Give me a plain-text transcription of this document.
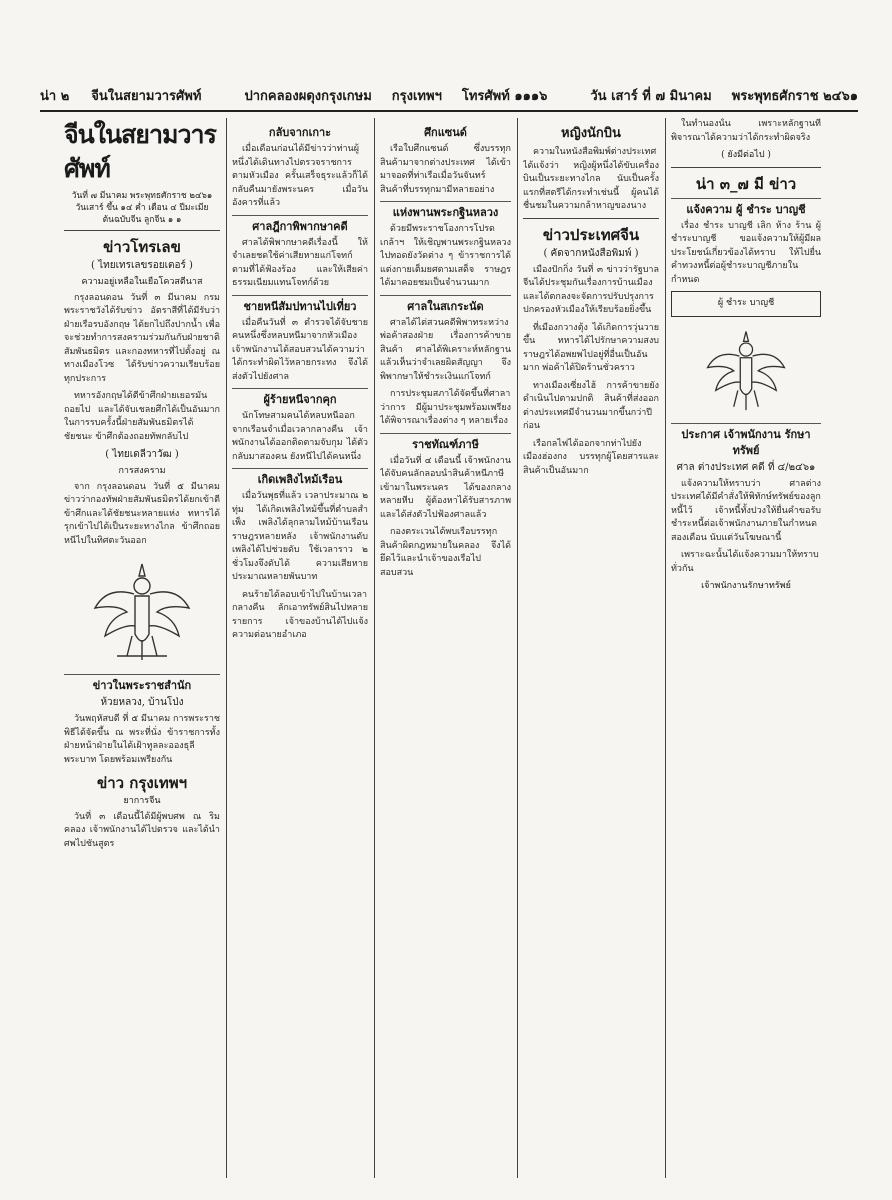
น่า ๒ จีนในสยามวารศัพท์	ปากคลองผดุงกรุงเกษม กรุงเทพฯ โทรศัพท์ ๑๑๑๖	วัน เสาร์ ที่ ๗ มินาคม พระพุทธศักราช ๒๔๖๑
จีนในสยามวารศัพท์
วันที่ ๗ มีนาคม พระพุทธศักราช ๒๔๖๑
วันเสาร์ ขึ้น ๑๔ ค่ำ เดือน ๔ ปีมะเมีย
ต้นฉบับจีน ลูกจีน ๑ ๑
ข่าวโทรเลข
( ไทยเทรเลขรอยเตอร์ )
ความอยู่เหลือในเยือโควสตีนาส

กรุงลอนดอน วันที่ ๓ มีนาคม กรมพระราชวังได้รับข่าว อัตราสีที่ได้มีรับว่า ฝ่ายเรือรบอังกฤษ ได้ยกไปถึงปากน้ำ เพื่อจะช่วยทำการสงครามร่วมกันกับฝ่ายชาติสัมพันธมิตร และกองทหารที่ไปตั้งอยู่ ณ ทางเมืองโวซ ได้รับข่าวความเรียบร้อยทุกประการ

ทหารอังกฤษได้ตีข้าศึกฝ่ายเยอรมันถอยไป และได้จับเชลยศึกได้เป็นอันมาก ในการรบครั้งนี้ฝ่ายสัมพันธมิตรได้ชัยชนะ ข้าศึกต้องถอยทัพกลับไป

( ไทยเดลีวาวัฒ )
การสงคราม

จาก กรุงลอนดอน วันที่ ๕ มีนาคม ข่าวว่ากองทัพฝ่ายสัมพันธมิตรได้ยกเข้าตีข้าศึกและได้ชัยชนะหลายแห่ง ทหารได้รุกเข้าไปได้เป็นระยะทางไกล ข้าศึกถอยหนีไปในทิศตะวันออก

ข่าวในพระราชสำนัก
ห้วยหลวง, บ้านโป่ง

วันพฤหัสบดี ที่ ๕ มีนาคม การพระราชพิธีได้จัดขึ้น ณ พระที่นั่ง ข้าราชการทั้งฝ่ายหน้าฝ่ายในได้เฝ้าทูลละอองธุลีพระบาท โดยพร้อมเพรียงกัน

ข่าว กรุงเทพฯ
ยาการจีน

วันที่ ๓ เดือนนี้ได้มีผู้พบศพ ณ ริมคลอง เจ้าพนักงานได้ไปตรวจ และได้นำศพไปชันสูตร

กลับจากเกาะ

เมื่อเดือนก่อนได้มีข่าวว่าท่านผู้หนึ่งได้เดินทางไปตรวจราชการตามหัวเมือง ครั้นเสร็จธุระแล้วก็ได้กลับคืนมายังพระนคร เมื่อวันอังคารที่แล้ว

ศาลฎีกาพิพากษาคดี

ศาลได้พิพากษาคดีเรื่องนี้ ให้จำเลยชดใช้ค่าเสียหายแก่โจทก์ ตามที่ได้ฟ้องร้อง และให้เสียค่าธรรมเนียมแทนโจทก์ด้วย

ชายหนีสัมปทานไปเที่ยว

เมื่อคืนวันที่ ๓ ตำรวจได้จับชายคนหนึ่งซึ่งหลบหนีมาจากหัวเมือง เจ้าพนักงานได้สอบสวนได้ความว่าได้กระทำผิดไว้หลายกระทง จึงได้ส่งตัวไปยังศาล

ผู้ร้ายหนีจากคุก

นักโทษสามคนได้หลบหนีออกจากเรือนจำเมื่อเวลากลางคืน เจ้าพนักงานได้ออกติดตามจับกุม ได้ตัวกลับมาสองคน ยังหนีไปได้คนหนึ่ง

เกิดเพลิงไหม้เรือน

เมื่อวันพุธที่แล้ว เวลาประมาณ ๒ ทุ่ม ได้เกิดเพลิงไหม้ขึ้นที่ตำบลสำเพ็ง เพลิงได้ลุกลามไหม้บ้านเรือนราษฎรหลายหลัง เจ้าพนักงานดับเพลิงได้ไปช่วยดับ ใช้เวลาราว ๒ ชั่วโมงจึงดับได้ ความเสียหายประมาณหลายพันบาท

คนร้ายได้ลอบเข้าไปในบ้านเวลากลางคืน ลักเอาทรัพย์สินไปหลายรายการ เจ้าของบ้านได้ไปแจ้งความต่อนายอำเภอ

ศึกแซนด์

เรือใบศึกแซนด์ ซึ่งบรรทุกสินค้ามาจากต่างประเทศ ได้เข้ามาจอดที่ท่าเรือเมื่อวันจันทร์ สินค้าที่บรรทุกมามีหลายอย่าง

แห่งพานพระกฐินหลวง

ด้วยมีพระราชโองการโปรดเกล้าฯ ให้เชิญพานพระกฐินหลวงไปทอดยังวัดต่าง ๆ ข้าราชการได้แต่งกายเต็มยศตามเสด็จ ราษฎรได้มาคอยชมเป็นจำนวนมาก

ศาลในสเกระนัด

ศาลได้ไต่สวนคดีพิพาทระหว่างพ่อค้าสองฝ่าย เรื่องการค้าขายสินค้า ศาลได้พิเคราะห์หลักฐานแล้วเห็นว่าจำเลยผิดสัญญา จึงพิพากษาให้ชำระเงินแก่โจทก์

การประชุมสภาได้จัดขึ้นที่ศาลาว่าการ มีผู้มาประชุมพร้อมเพรียง ได้พิจารณาเรื่องต่าง ๆ หลายเรื่อง

ราชทัณฑ์ภาษี

เมื่อวันที่ ๔ เดือนนี้ เจ้าพนักงานได้จับคนลักลอบนำสินค้าหนีภาษีเข้ามาในพระนคร ได้ของกลางหลายหีบ ผู้ต้องหาได้รับสารภาพ และได้ส่งตัวไปฟ้องศาลแล้ว

กองตระเวนได้พบเรือบรรทุกสินค้าผิดกฎหมายในคลอง จึงได้ยึดไว้และนำเจ้าของเรือไปสอบสวน

หญิงนักบิน

ความในหนังสือพิมพ์ต่างประเทศได้แจ้งว่า หญิงผู้หนึ่งได้ขับเครื่องบินเป็นระยะทางไกล นับเป็นครั้งแรกที่สตรีได้กระทำเช่นนี้ ผู้คนได้ชื่นชมในความกล้าหาญของนาง

ข่าวประเทศจีน
( คัดจากหนังสือพิมพ์ )

เมืองปักกิ่ง วันที่ ๓ ข่าวว่ารัฐบาลจีนได้ประชุมกันเรื่องการบ้านเมือง และได้ตกลงจะจัดการปรับปรุงการปกครองหัวเมืองให้เรียบร้อยยิ่งขึ้น

ที่เมืองกวางตุ้ง ได้เกิดการวุ่นวายขึ้น ทหารได้ไปรักษาความสงบ ราษฎรได้อพยพไปอยู่ที่อื่นเป็นอันมาก พ่อค้าได้ปิดร้านชั่วคราว

ทางเมืองเซี่ยงไฮ้ การค้าขายยังดำเนินไปตามปกติ สินค้าที่ส่งออกต่างประเทศมีจำนวนมากขึ้นกว่าปีก่อน

เรือกลไฟได้ออกจากท่าไปยังเมืองฮ่องกง บรรทุกผู้โดยสารและสินค้าเป็นอันมาก

ในทำนองนั้น เพราะหลักฐานที่พิจารณาได้ความว่าได้กระทำผิดจริง

( ยังมีต่อไป )
น่า ๓_๗ มี ข่าว
แจ้งความ ผู้ ชำระ บาญชี

เรื่อง ชำระ บาญชี เลิก ห้าง ร้าน ผู้ชำระบาญชี ขอแจ้งความให้ผู้มีผลประโยชน์เกี่ยวข้องได้ทราบ ให้ไปยื่นคำทวงหนี้ต่อผู้ชำระบาญชีภายในกำหนด

ผู้ ชำระ บาญชี
ประกาศ เจ้าพนักงาน รักษา ทรัพย์
ศาล ต่างประเทศ คดี ที่ ๔/๒๔๖๑

แจ้งความให้ทราบว่า ศาลต่างประเทศได้มีคำสั่งให้พิทักษ์ทรัพย์ของลูกหนี้ไว้ เจ้าหนี้ทั้งปวงให้ยื่นคำขอรับชำระหนี้ต่อเจ้าพนักงานภายในกำหนดสองเดือน นับแต่วันโฆษณานี้

เพราะฉะนั้นได้แจ้งความมาให้ทราบทั่วกัน

เจ้าพนักงานรักษาทรัพย์
